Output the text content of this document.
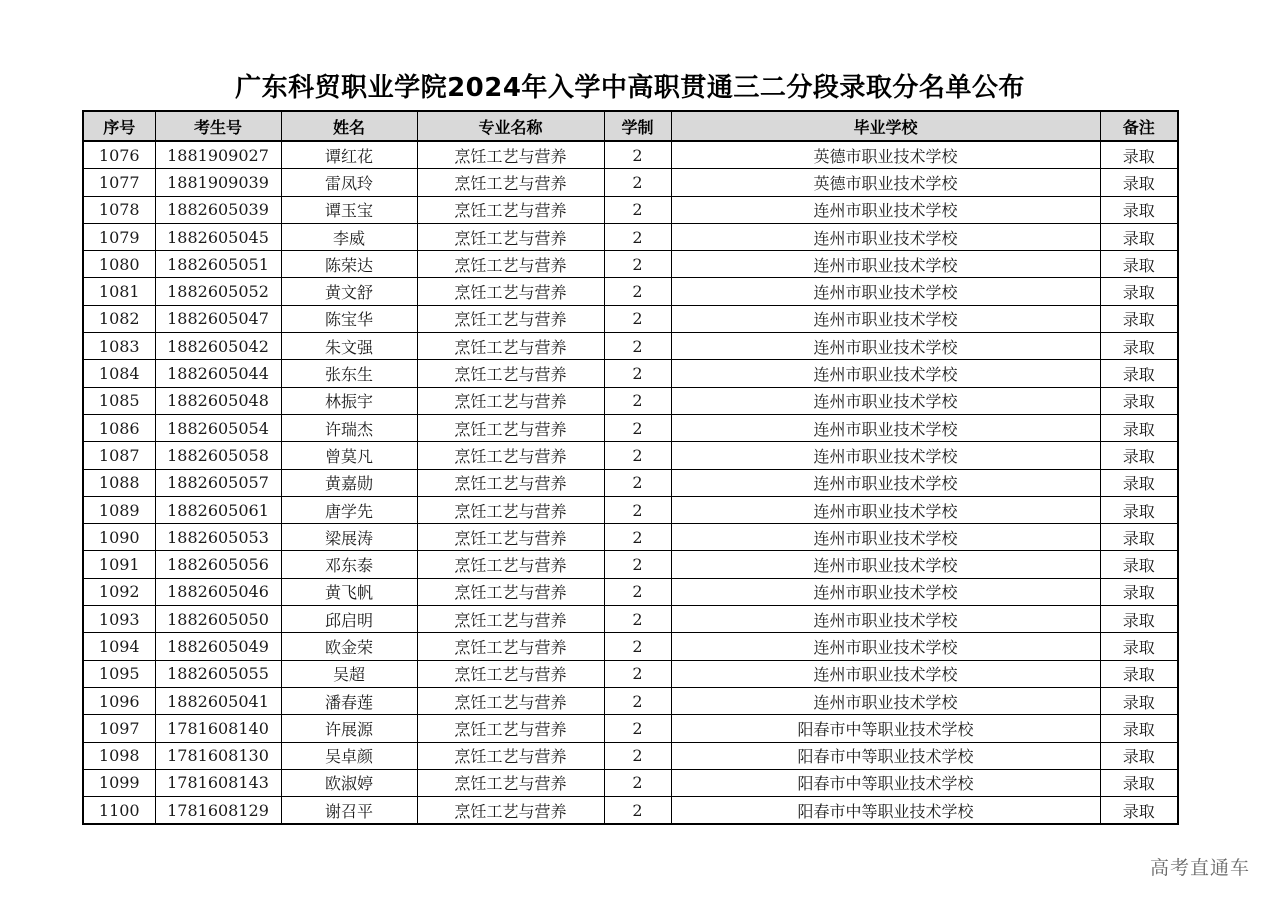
广东科贸职业学院2024年入学中高职贯通三二分段录取分名单公布
序号	考生号	姓名	专业名称	学制	毕业学校	备注
1076	1881909027	谭红花	烹饪工艺与营养	2	英德市职业技术学校	录取
1077	1881909039	雷凤玲	烹饪工艺与营养	2	英德市职业技术学校	录取
1078	1882605039	谭玉宝	烹饪工艺与营养	2	连州市职业技术学校	录取
1079	1882605045	李威	烹饪工艺与营养	2	连州市职业技术学校	录取
1080	1882605051	陈荣达	烹饪工艺与营养	2	连州市职业技术学校	录取
1081	1882605052	黄文舒	烹饪工艺与营养	2	连州市职业技术学校	录取
1082	1882605047	陈宝华	烹饪工艺与营养	2	连州市职业技术学校	录取
1083	1882605042	朱文强	烹饪工艺与营养	2	连州市职业技术学校	录取
1084	1882605044	张东生	烹饪工艺与营养	2	连州市职业技术学校	录取
1085	1882605048	林振宇	烹饪工艺与营养	2	连州市职业技术学校	录取
1086	1882605054	许瑞杰	烹饪工艺与营养	2	连州市职业技术学校	录取
1087	1882605058	曾莫凡	烹饪工艺与营养	2	连州市职业技术学校	录取
1088	1882605057	黄嘉勋	烹饪工艺与营养	2	连州市职业技术学校	录取
1089	1882605061	唐学先	烹饪工艺与营养	2	连州市职业技术学校	录取
1090	1882605053	梁展涛	烹饪工艺与营养	2	连州市职业技术学校	录取
1091	1882605056	邓东泰	烹饪工艺与营养	2	连州市职业技术学校	录取
1092	1882605046	黄飞帆	烹饪工艺与营养	2	连州市职业技术学校	录取
1093	1882605050	邱启明	烹饪工艺与营养	2	连州市职业技术学校	录取
1094	1882605049	欧金荣	烹饪工艺与营养	2	连州市职业技术学校	录取
1095	1882605055	吴超	烹饪工艺与营养	2	连州市职业技术学校	录取
1096	1882605041	潘春莲	烹饪工艺与营养	2	连州市职业技术学校	录取
1097	1781608140	许展源	烹饪工艺与营养	2	阳春市中等职业技术学校	录取
1098	1781608130	吴卓颜	烹饪工艺与营养	2	阳春市中等职业技术学校	录取
1099	1781608143	欧淑婷	烹饪工艺与营养	2	阳春市中等职业技术学校	录取
1100	1781608129	谢召平	烹饪工艺与营养	2	阳春市中等职业技术学校	录取
高考直通车
